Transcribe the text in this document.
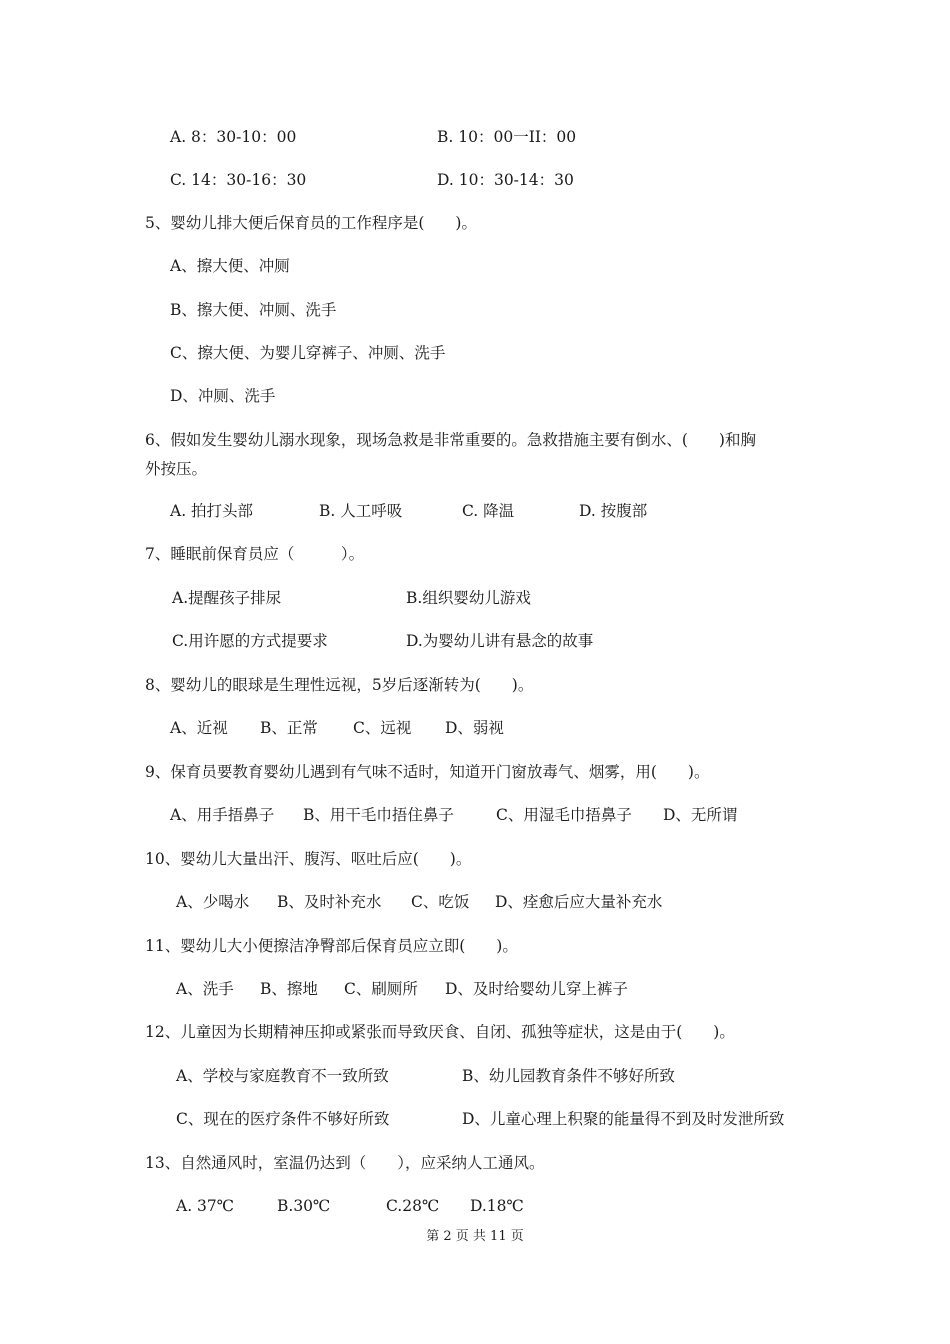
A. 8：30-10：00	B. 10：00一II：00
C. 14：30-16：30	D. 10：30-14：30
5、婴幼儿排大便后保育员的工作程序是(　　)。
A、擦大便、冲厕
B、擦大便、冲厕、洗手
C、擦大便、为婴儿穿裤子、冲厕、洗手
D、冲厕、洗手
6、假如发生婴幼儿溺水现象，现场急救是非常重要的。急救措施主要有倒水、(　　)和胸
外按压。
A. 拍打头部	B. 人工呼吸	C. 降温	D. 按腹部
7、睡眠前保育员应（　　　）。
A.提醒孩子排尿	B.组织婴幼儿游戏
C.用许愿的方式提要求	D.为婴幼儿讲有悬念的故事
8、婴幼儿的眼球是生理性远视，5岁后逐渐转为(　　)。
A、近视 B、正常 C、远视 D、弱视
9、保育员要教育婴幼儿遇到有气味不适时，知道开门窗放毒气、烟雾，用(　　)。
A、用手捂鼻子 B、用干毛巾捂住鼻子	C、用湿毛巾捂鼻子 D、无所谓
10、婴幼儿大量出汗、腹泻、呕吐后应(　　)。
A、少喝水 B、及时补充水 C、吃饭 D、痊愈后应大量补充水
11、婴幼儿大小便擦洁净臀部后保育员应立即(　　)。
A、洗手 B、擦地 C、刷厕所 D、及时给婴幼儿穿上裤子
12、儿童因为长期精神压抑或紧张而导致厌食、自闭、孤独等症状，这是由于(　　)。
A、学校与家庭教育不一致所致	B、幼儿园教育条件不够好所致
C、现在的医疗条件不够好所致	D、儿童心理上积聚的能量得不到及时发泄所致
13、自然通风时，室温仍达到（　　），应采纳人工通风。
A. 37℃	B.30℃	C.28℃ D.18℃
第 2 页 共 11 页
